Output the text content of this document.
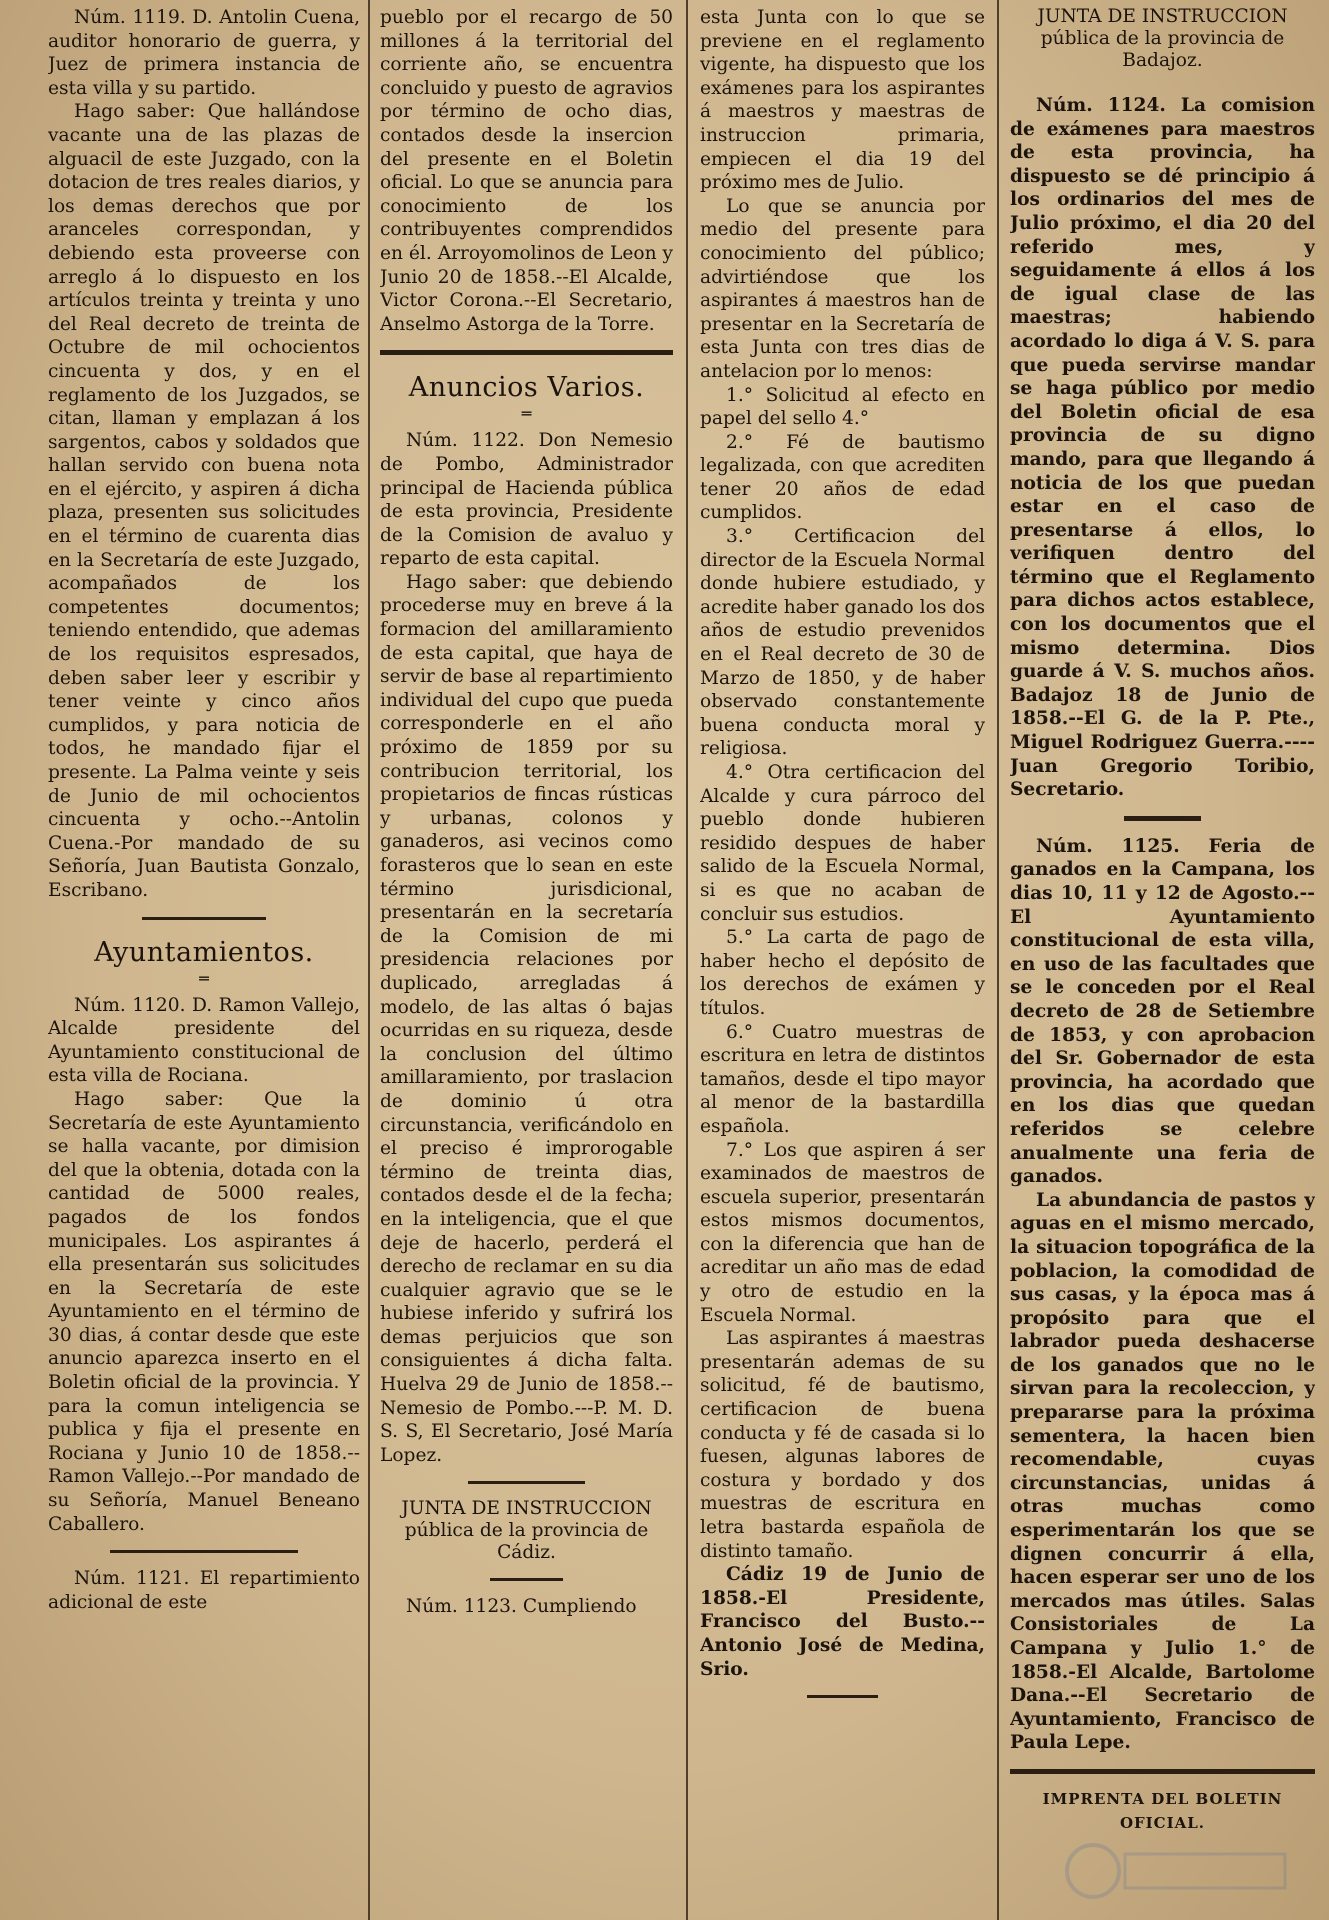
Núm. 1119. D. Antolin Cuena, auditor honorario de guerra, y Juez de primera instancia de esta villa y su partido.

Hago saber: Que hallándose vacante una de las plazas de alguacil de este Juzgado, con la dotacion de tres reales diarios, y los demas derechos que por aranceles correspondan, y debiendo esta proveerse con arreglo á lo dispuesto en los artículos treinta y treinta y uno del Real decreto de treinta de Octubre de mil ochocientos cincuenta y dos, y en el reglamento de los Juzgados, se citan, llaman y emplazan á los sargentos, cabos y soldados que hallan servido con buena nota en el ejército, y aspiren á dicha plaza, presenten sus solicitudes en el término de cuarenta dias en la Secretaría de este Juzgado, acompañados de los competentes documentos; teniendo entendido, que ademas de los requisitos espresados, deben saber leer y escribir y tener veinte y cinco años cumplidos, y para noticia de todos, he mandado fijar el presente. La Palma veinte y seis de Junio de mil ochocientos cincuenta y ocho.--Antolin Cuena.-Por mandado de su Señoría, Juan Bautista Gonzalo, Escribano.

Ayuntamientos.
═

Núm. 1120. D. Ramon Vallejo, Alcalde presidente del Ayuntamiento constitucional de esta villa de Rociana.

Hago saber: Que la Secretaría de este Ayuntamiento se halla vacante, por dimision del que la obtenia, dotada con la cantidad de 5000 reales, pagados de los fondos municipales. Los aspirantes á ella presentarán sus solicitudes en la Secretaría de este Ayuntamiento en el término de 30 dias, á contar desde que este anuncio aparezca inserto en el Boletin oficial de la provincia. Y para la comun inteligencia se publica y fija el presente en Rociana y Junio 10 de 1858.--Ramon Vallejo.--Por mandado de su Señoría, Manuel Beneano Caballero.

Núm. 1121. El repartimiento adicional de este

pueblo por el recargo de 50 millones á la territorial del corriente año, se encuentra concluido y puesto de agravios por término de ocho dias, contados desde la insercion del presente en el Boletin oficial. Lo que se anuncia para conocimiento de los contribuyentes comprendidos en él. Arroyomolinos de Leon y Junio 20 de 1858.--El Alcalde, Victor Corona.--El Secretario, Anselmo Astorga de la Torre.

Anuncios Varios.
═

Núm. 1122. Don Nemesio de Pombo, Administrador principal de Hacienda pública de esta provincia, Presidente de la Comision de avaluo y reparto de esta capital.

Hago saber: que debiendo procederse muy en breve á la formacion del amillaramiento de esta capital, que haya de servir de base al repartimiento individual del cupo que pueda corresponderle en el año próximo de 1859 por su contribucion territorial, los propietarios de fincas rústicas y urbanas, colonos y ganaderos, asi vecinos como forasteros que lo sean en este término jurisdicional, presentarán en la secretaría de la Comision de mi presidencia relaciones por duplicado, arregladas á modelo, de las altas ó bajas ocurridas en su riqueza, desde la conclusion del último amillaramiento, por traslacion de dominio ú otra circunstancia, verificándolo en el preciso é improrogable término de treinta dias, contados desde el de la fecha; en la inteligencia, que el que deje de hacerlo, perderá el derecho de reclamar en su dia cualquier agravio que se le hubiese inferido y sufrirá los demas perjuicios que son consiguientes á dicha falta. Huelva 29 de Junio de 1858.--Nemesio de Pombo.---P. M. D. S. S, El Secretario, José María Lopez.

JUNTA DE INSTRUCCION

pública de la provincia de Cádiz.

Núm. 1123. Cumpliendo

esta Junta con lo que se previene en el reglamento vigente, ha dispuesto que los exámenes para los aspirantes á maestros y maestras de instruccion primaria, empiecen el dia 19 del próximo mes de Julio.

Lo que se anuncia por medio del presente para conocimiento del público; advirtiéndose que los aspirantes á maestros han de presentar en la Secretaría de esta Junta con tres dias de antelacion por lo menos:

1.° Solicitud al efecto en papel del sello 4.°

2.° Fé de bautismo legalizada, con que acrediten tener 20 años de edad cumplidos.

3.° Certificacion del director de la Escuela Normal donde hubiere estudiado, y acredite haber ganado los dos años de estudio prevenidos en el Real decreto de 30 de Marzo de 1850, y de haber observado constantemente buena conducta moral y religiosa.

4.° Otra certificacion del Alcalde y cura párroco del pueblo donde hubieren residido despues de haber salido de la Escuela Normal, si es que no acaban de concluir sus estudios.

5.° La carta de pago de haber hecho el depósito de los derechos de exámen y títulos.

6.° Cuatro muestras de escritura en letra de distintos tamaños, desde el tipo mayor al menor de la bastardilla española.

7.° Los que aspiren á ser examinados de maestros de escuela superior, presentarán estos mismos documentos, con la diferencia que han de acreditar un año mas de edad y otro de estudio en la Escuela Normal.

Las aspirantes á maestras presentarán ademas de su solicitud, fé de bautismo, certificacion de buena conducta y fé de casada si lo fuesen, algunas labores de costura y bordado y dos muestras de escritura en letra bastarda española de distinto tamaño.

Cádiz 19 de Junio de 1858.-El Presidente, Francisco del Busto.--Antonio José de Medina, Srio.

JUNTA DE INSTRUCCION

pública de la provincia de Badajoz.

Núm. 1124. La comision de exámenes para maestros de esta provincia, ha dispuesto se dé principio á los ordinarios del mes de Julio próximo, el dia 20 del referido mes, y seguidamente á ellos á los de igual clase de las maestras; habiendo acordado lo diga á V. S. para que pueda servirse mandar se haga público por medio del Boletin oficial de esa provincia de su digno mando, para que llegando á noticia de los que puedan estar en el caso de presentarse á ellos, lo verifiquen dentro del término que el Reglamento para dichos actos establece, con los documentos que el mismo determina. Dios guarde á V. S. muchos años. Badajoz 18 de Junio de 1858.--El G. de la P. Pte., Miguel Rodriguez Guerra.----Juan Gregorio Toribio, Secretario.

Núm. 1125. Feria de ganados en la Campana, los dias 10, 11 y 12 de Agosto.--El Ayuntamiento constitucional de esta villa, en uso de las facultades que se le conceden por el Real decreto de 28 de Setiembre de 1853, y con aprobacion del Sr. Gobernador de esta provincia, ha acordado que en los dias que quedan referidos se celebre anualmente una feria de ganados.

La abundancia de pastos y aguas en el mismo mercado, la situacion topográfica de la poblacion, la comodidad de sus casas, y la época mas á propósito para que el labrador pueda deshacerse de los ganados que no le sirvan para la recoleccion, y prepararse para la próxima sementera, la hacen bien recomendable, cuyas circunstancias, unidas á otras muchas como esperimentarán los que se dignen concurrir á ella, hacen esperar ser uno de los mercados mas útiles. Salas Consistoriales de La Campana y Julio 1.° de 1858.-El Alcalde, Bartolome Dana.--El Secretario de Ayuntamiento, Francisco de Paula Lepe.

IMPRENTA DEL BOLETIN OFICIAL.
